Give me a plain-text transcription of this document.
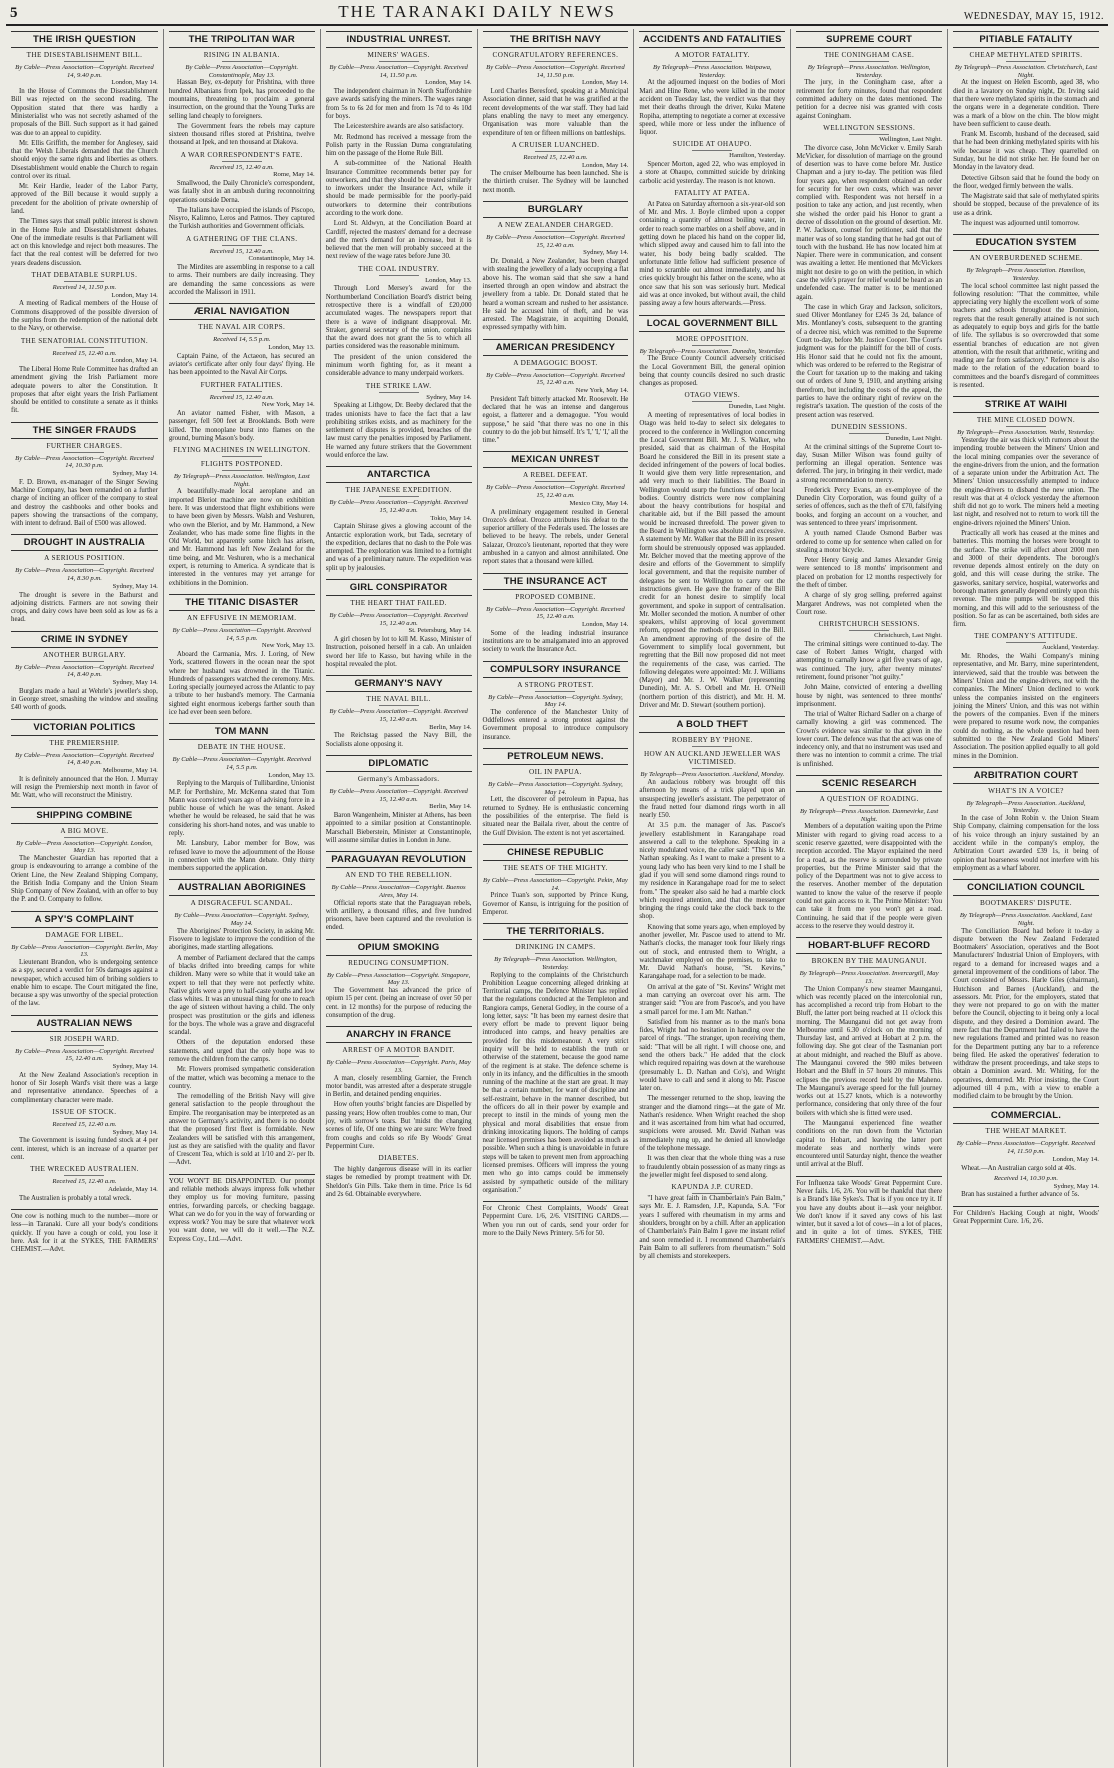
5	THE TARANAKI DAILY NEWS	WEDNESDAY, MAY 15, 1912.
THE IRISH QUESTION
THE DISESTABLISHMENT BILL.
By Cable—Press Association—Copyright. Received 14, 9.40 p.m.
London, May 14.
In the House of Commons the Disestablishment Bill was rejected on the second reading. The Opposition stated that there was hardly a Ministerialist who was not secretly ashamed of the proposals of the Bill. Such support as it had gained was due to an appeal to cupidity.
Mr. Ellis Griffith, the member for Anglesey, said that the Welsh Liberals demanded that the Church should enjoy the same rights and liberties as others. Disestablishment would enable the Church to regain control over its ritual.
Mr. Keir Hardie, leader of the Labor Party, approved of the Bill because it would supply a precedent for the abolition of private ownership of land.
The Times says that small public interest is shown in the Home Rule and Disestablishment debates. One of the immediate results is that Parliament will act on this knowledge and reject both measures. The fact that the real contest will be deferred for two years deadens discussion.
THAT DEBATABLE SURPLUS.
Received 14, 11.50 p.m.
London, May 14.
A meeting of Radical members of the House of Commons disapproved of the possible diversion of the surplus from the redemption of the national debt to the Navy, or otherwise.
THE SENATORIAL CONSTITUTION.
Received 15, 12.40 a.m.
London, May 14.
The Liberal Home Rule Committee has drafted an amendment giving the Irish Parliament more adequate powers to alter the Constitution. It proposes that after eight years the Irish Parliament should be entitled to constitute a senate as it thinks fit.
THE SINGER FRAUDS
FURTHER CHARGES.
By Cable—Press Association—Copyright. Received 14, 10.30 p.m.
Sydney, May 14.
F. D. Brown, ex-manager of the Singer Sewing Machine Company, has been remanded on a further charge of inciting an officer of the company to steal and destroy the cashbooks and other books and papers showing the transactions of the company, with intent to defraud. Bail of £500 was allowed.
DROUGHT IN AUSTRALIA
A SERIOUS POSITION.
By Cable—Press Association—Copyright. Received 14, 8.30 p.m.
Sydney, May 14.
The drought is severe in the Bathurst and adjoining districts. Farmers are not sowing their crops, and dairy cows have been sold as low as 6s a head.
CRIME IN SYDNEY
ANOTHER BURGLARY.
By Cable—Press Association—Copyright. Received 14, 8.40 p.m.
Sydney, May 14.
Burglars made a haul at Wehrle's jeweller's shop, in George street, smashing the window and stealing £40 worth of goods.
VICTORIAN POLITICS
THE PREMIERSHIP.
By Cable—Press Association—Copyright. Received 14, 8.40 p.m.
Melbourne, May 14.
It is definitely announced that the Hon. J. Murray will resign the Premiership next month in favor of Mr. Watt, who will reconstruct the Ministry.
SHIPPING COMBINE
A BIG MOVE.
By Cable—Press Association—Copyright. London, May 13.
The Manchester Guardian has reported that a group is endeavouring to arrange a combine of the Orient Line, the New Zealand Shipping Company, the British India Company and the Union Steam Ship Company of New Zealand, with an offer to buy the P. and O. Company to follow.
A SPY'S COMPLAINT
DAMAGE FOR LIBEL.
By Cable—Press Association—Copyright. Berlin, May 13.
Lieutenant Brandon, who is undergoing sentence as a spy, secured a verdict for 50s damages against a newspaper, which accused him of bribing soldiers to enable him to escape. The Court mitigated the fine, because a spy was unworthy of the special protection of the law.
AUSTRALIAN NEWS
SIR JOSEPH WARD.
By Cable—Press Association—Copyright. Received 15, 12.40 a.m.
Sydney, May 14.
At the New Zealand Association's reception in honor of Sir Joseph Ward's visit there was a large and representative attendance. Speeches of a complimentary character were made.
ISSUE OF STOCK.
Received 15, 12.40 a.m.
Sydney, May 14.
The Government is issuing funded stock at 4 per cent. interest, which is an increase of a quarter per cent.
THE WRECKED AUSTRALIEN.
Received 15, 12.40 a.m.
Adelaide, May 14.
The Australien is probably a total wreck.
One cow is nothing much to the number—more or less—in Taranaki. Cure all your body's conditions quickly. If you have a cough or cold, you lose it here. Ask for it at the SYKES, THE FARMERS' CHEMIST.—Advt.
THE TRIPOLITAN WAR
RISING IN ALBANIA.
By Cable—Press Association—Copyright. Constantinople, May 13.
Hassan Bey, ex-deputy for Prishtina, with three hundred Albanians from Ipek, has proceeded to the mountains, threatening to proclaim a general insurrection, on the ground that the Young Turks are selling land cheaply to foreigners.
The Government fears the rebels may capture sixteen thousand rifles stored at Prishtina, twelve thousand at Ipek, and ten thousand at Diakova.
A WAR CORRESPONDENT'S FATE.
Received 15, 12.40 a.m.
Rome, May 14.
Smallwood, the Daily Chronicle's correspondent, was fatally shot in an ambush during reconnoitring operations outside Derna.
The Italians have occupied the islands of Piscopo, Nisyro, Kalimno, Leros and Patmos. They captured the Turkish authorities and Government officials.
A GATHERING OF THE CLANS.
Received 15, 12.40 a.m.
Constantinople, May 14.
The Mirdites are assembling in response to a call to arms. Their numbers are daily increasing. They are demanding the same concessions as were accorded the Malissori in 1911.
ÆRIAL NAVIGATION
THE NAVAL AIR CORPS.
Received 14, 5.5 p.m.
London, May 13.
Captain Paine, of the Actaeon, has secured an aviator's certificate after only four days' flying. He has been appointed to the Naval Air Corps.
FURTHER FATALITIES.
Received 15, 12.40 a.m.
New York, May 14.
An aviator named Fisher, with Mason, a passenger, fell 500 feet at Brooklands. Both were killed. The monoplane burst into flames on the ground, burning Mason's body.
FLYING MACHINES IN WELLINGTON.
FLIGHTS POSTPONED.
By Telegraph—Press Association. Wellington, Last Night.
A beautifully-made local aeroplane and an imported Bleriot machine are now on exhibition here. It was understood that flight exhibitions were to have been given by Messrs. Walsh and Veshuren, who own the Bleriot, and by Mr. Hammond, a New Zealander, who has made some fine flights in the Old World, but apparently some hitch has arisen, and Mr. Hammond has left New Zealand for the time being, and Mr. Veshuren, who is a mechanical expert, is returning to America. A syndicate that is interested in the ventures may yet arrange for exhibitions in the Dominion.
THE TITANIC DISASTER
AN EFFUSIVE IN MEMORIAM.
By Cable—Press Association—Copyright. Received 14, 5.5 p.m.
New York, May 13.
Aboard the Carmania, Mrs. J. Loring, of New York, scattered flowers in the ocean near the spot where her husband was drowned in the Titanic. Hundreds of passengers watched the ceremony. Mrs. Loring specially journeyed across the Atlantic to pay a tribute to her husband's memory. The Carmania sighted eight enormous icebergs farther south than ice had ever been seen before.
TOM MANN
DEBATE IN THE HOUSE.
By Cable—Press Association—Copyright. Received 14, 5.5 p.m.
London, May 13.
Replying to the Marquis of Tullibardine, Unionist M.P. for Perthshire, Mr. McKenna stated that Tom Mann was convicted years ago of advising force in a public house of which he was the tenant. Asked whether he would be released, he said that he was considering his short-hand notes, and was unable to reply.
Mr. Lansbury, Labor member for Bow, was refused leave to move the adjournment of the House in connection with the Mann debate. Only thirty members supported the application.
AUSTRALIAN ABORIGINES
A DISGRACEFUL SCANDAL.
By Cable—Press Association—Copyright. Sydney, May 14.
The Aborigines' Protection Society, in asking Mr. Fisovere to legislate to improve the condition of the aborigines, made startling allegations.
A member of Parliament declared that the camps of blacks drifted into breeding camps for white children. Many were so white that it would take an expert to tell that they were not perfectly white. Native girls were a prey to half-caste youths and low class whites. It was an unusual thing for one to reach the age of sixteen without having a child. The only prospect was prostitution or the girls and idleness for the boys. The whole was a grave and disgraceful scandal.
Others of the deputation endorsed these statements, and urged that the only hope was to remove the children from the camps.
Mr. Flowers promised sympathetic consideration of the matter, which was becoming a menace to the country.
The remodelling of the British Navy will give general satisfaction to the people throughout the Empire. The reorganisation may be interpreted as an answer to Germany's activity, and there is no doubt that the proposed first fleet is formidable. New Zealanders will be satisfied with this arrangement, just as they are satisfied with the quality and flavor of Crescent Tea, which is sold at 1/10 and 2/- per lb.—Advt.
YOU WON'T BE DISAPPOINTED. Our prompt and reliable methods always impress folk whether they employ us for moving furniture, passing entries, forwarding parcels, or checking baggage. What can we do for you in the way of forwarding or express work? You may be sure that whatever work you want done, we will do it well.—The N.Z. Express Coy., Ltd.—Advt.
INDUSTRIAL UNREST.
MINERS' WAGES.
By Cable—Press Association—Copyright. Received 14, 11.50 p.m.
London, May 14.
The independent chairman in North Staffordshire gave awards satisfying the miners. The wages range from 5s to 6s 2d for men and from 1s 7d to 4s 10d for boys.
The Leicestershire awards are also satisfactory.
Mr. Redmond has received a message from the Polish party in the Russian Duma congratulating him on the passage of the Home Rule Bill.
A sub-committee of the National Health Insurance Committee recommends better pay for outworkers, and that they should be treated similarly to inworkers under the Insurance Act, while it should be made permissible for the poorly-paid outworkers to determine their contributions according to the work done.
Lord St. Aldwyn, at the Conciliation Board at Cardiff, rejected the masters' demand for a decrease and the men's demand for an increase, but it is believed that the men will probably succeed at the next review of the wage rates before June 30.
THE COAL INDUSTRY.
London, May 13.
Through Lord Mersey's award for the Northumberland Conciliation Board's district being retrospective there is a windfall of £20,000 accumulated wages. The newspapers report that there is a wave of indignant disapproval. Mr. Straker, general secretary of the union, complains that the award does not grant the 5s to which all parties considered was the reasonable minimum.
The president of the union considered the minimum worth fighting for, as it meant a considerable advance to many underpaid workers.
THE STRIKE LAW.
Sydney, May 14.
Speaking at Lithgow, Dr. Beeby declared that the trades unionists have to face the fact that a law prohibiting strikes exists, and as machinery for the settlement of disputes is provided, breaches of the law must carry the penalties imposed by Parliament. He warned any future strikers that the Government would enforce the law.
ANTARCTICA
THE JAPANESE EXPEDITION.
By Cable—Press Association—Copyright. Received 15, 12.40 a.m.
Tokio, May 14.
Captain Shirase gives a glowing account of the Antarctic exploration work, but Tada, secretary of the expedition, declares that no dash to the Pole was attempted. The exploration was limited to a fortnight and was of a preliminary nature. The expedition was split up by jealousies.
GIRL CONSPIRATOR
THE HEART THAT FAILED.
By Cable—Press Association—Copyright. Received 15, 12.40 a.m.
St. Petersburg, May 14.
A girl chosen by lot to kill M. Kasso, Minister of Instruction, poisoned herself in a cab. An unlaiden sword her life to Kasso, but having while in the hospital revealed the plot.
GERMANY'S NAVY
THE NAVAL BILL.
By Cable—Press Association—Copyright. Received 15, 12.40 a.m.
Berlin, May 14.
The Reichstag passed the Navy Bill, the Socialists alone opposing it.
DIPLOMATIC
Germany's Ambassadors.
By Cable—Press Association—Copyright. Received 15, 12.40 a.m.
Berlin, May 14.
Baron Wangenheim, Minister at Athens, has been appointed to a similar position at Constantinople. Marschall Bieberstein, Minister at Constantinople, will assume similar duties in London in June.
PARAGUAYAN REVOLUTION
AN END TO THE REBELLION.
By Cable—Press Association—Copyright. Buenos Aires, May 14.
Official reports state that the Paraguayan rebels, with artillery, a thousand rifles, and five hundred prisoners, have been captured and the revolution is ended.
OPIUM SMOKING
REDUCING CONSUMPTION.
By Cable—Press Association—Copyright. Singapore, May 13.
The Government has advanced the price of opium 15 per cent. (being an increase of over 50 per cent. in 12 months) for the purpose of reducing the consumption of the drug.
ANARCHY IN FRANCE
ARREST OF A MOTOR BANDIT.
By Cable—Press Association—Copyright. Paris, May 13.
A man, closely resembling Garnier, the French motor bandit, was arrested after a desperate struggle in Berlin, and detained pending enquiries.
How often youths' bright fancies are Dispelled by passing years; How often troubles come to man, Our joy, with sorrow's tears. But 'midst the changing scenes of life, Of one thing we are sure: We're freed from coughs and colds so rife By Woods' Great Peppermint Cure.
DIABETES.
The highly dangerous disease will in its earlier stages be remedied by prompt treatment with Dr. Sheldon's Gin Pills. Take them in time. Price 1s 6d and 2s 6d. Obtainable everywhere.
THE BRITISH NAVY
CONGRATULATORY REFERENCES.
By Cable—Press Association—Copyright. Received 14, 11.50 p.m.
London, May 14.
Lord Charles Beresford, speaking at a Municipal Association dinner, said that he was gratified at the recent developments of the war staff. They had laid plans enabling the navy to meet any emergency. Organisation was more valuable than the expenditure of ten or fifteen millions on battleships.
A CRUISER LUANCHED.
Received 15, 12.40 a.m.
London, May 14.
The cruiser Melbourne has been launched. She is the thirtieth cruiser. The Sydney will be launched next month.
BURGLARY
A NEW ZEALANDER CHARGED.
By Cable—Press Association—Copyright. Received 15, 12.40 a.m.
Sydney, May 14.
Dr. Donald, a New Zealander, has been charged with stealing the jewellery of a lady occupying a flat above his. The woman said that she saw a hand inserted through an open window and abstract the jewellery from a table. Dr. Donald stated that he heard a woman scream and rushed to her assistance. He said he accused him of theft, and he was arrested. The Magistrate, in acquitting Donald, expressed sympathy with him.
AMERICAN PRESIDENCY
A DEMAGOGIC BOOST.
By Cable—Press Association—Copyright. Received 15, 12.40 a.m.
New York, May 14.
President Taft bitterly attacked Mr. Roosevelt. He declared that he was an intense and dangerous egoist, a flatterer and a demagogue. "You would suppose," he said "that there was no one in this country to do the job but himself. It's 'I,' 'I,' 'I,' all the time."
MEXICAN UNREST
A REBEL DEFEAT.
By Cable—Press Association—Copyright. Received 15, 12.40 a.m.
Mexico City, May 14.
A preliminary engagement resulted in General Orozco's defeat. Orozco attributes his defeat to the superior artillery of the Federals used. The losses are believed to be heavy. The rebels, under General Salazar, Orozco's lieutenant, reported that they were ambushed in a canyon and almost annihilated. One report states that a thousand were killed.
THE INSURANCE ACT
PROPOSED COMBINE.
By Cable—Press Association—Copyright. Received 15, 12.40 a.m.
London, May 14.
Some of the leading industrial insurance institutions are to be amalgamated into an approved society to work the Insurance Act.
COMPULSORY INSURANCE
A STRONG PROTEST.
By Cable—Press Association—Copyright. Sydney, May 14.
The conference of the Manchester Unity of Oddfellows entered a strong protest against the Government proposal to introduce compulsory insurance.
PETROLEUM NEWS.
OIL IN PAPUA.
By Cable—Press Association—Copyright. Sydney, May 14.
Lett, the discoverer of petroleum in Papua, has returned to Sydney. He is enthusiastic concerning the possibilities of the enterprise. The field is situated near the Bailala river, about the centre of the Gulf Division. The extent is not yet ascertained.
CHINESE REPUBLIC
THE SEATS OF THE MIGHTY.
By Cable—Press Association—Copyright. Pekin, May 14.
Prince Tuan's son, supported by Prince Kung, Governor of Kansu, is intriguing for the position of Emperor.
THE TERRITORIALS.
DRINKING IN CAMPS.
By Telegraph—Press Association. Wellington, Yesterday.
Replying to the complaints of the Christchurch Prohibition League concerning alleged drinking at Territorial camps, the Defence Minister has replied that the regulations conducted at the Templeton and Rangiora camps, General Godley, in the course of a long letter, says: "It has been my earnest desire that every effort be made to prevent liquor being introduced into camps, and heavy penalties are provided for this misdemeanour. A very strict inquiry will be held to establish the truth or otherwise of the statement, because the good name of the regiment is at stake. The defence scheme is only in its infancy, and the difficulties in the smooth running of the machine at the start are great. It may be that a certain number, for want of discipline and self-restraint, behave in the manner described, but the officers do all in their power by example and precept to instil in the minds of young men the physical and moral disabilities that ensue from drinking intoxicating liquors. The holding of camps near licensed premises has been avoided as much as possible. When such a thing is unavoidable in future steps will be taken to prevent men from approaching licensed premises. Officers will impress the young men who go into camps could be immensely assisted by sympathetic outside of the military organisation."
For Chronic Chest Complaints, Woods' Great Peppermint Cure. 1/6, 2/6. VISITING CARDS.—When you run out of cards, send your order for more to the Daily News Printery. 5/6 for 50.
ACCIDENTS AND FATALITIES
A MOTOR FATALITY.
By Telegraph—Press Association. Waipawa, Yesterday.
At the adjourned inquest on the bodies of Mori Mari and Hine Rene, who were killed in the motor accident on Tuesday last, the verdict was that they met their deaths through the driver, Kuku Matene Ropiha, attempting to negotiate a corner at excessive speed, while more or less under the influence of liquor.
SUICIDE AT OHAUPO.
Hamilton, Yesterday.
Spencer Morton, aged 22, who was employed in a store at Ohaupo, committed suicide by drinking carbolic acid yesterday. The reason is not known.
FATALITY AT PATEA.
At Patea on Saturday afternoon a six-year-old son of Mr. and Mrs. J. Boyle climbed upon a copper containing a quantity of almost boiling water, in order to reach some marbles on a shelf above, and in getting down he placed his hand on the copper lid, which slipped away and caused him to fall into the water, his body being badly scalded. The unfortunate little fellow had sufficient presence of mind to scramble out almost immediately, and his cries quickly brought his father on the scene, who at once saw that his son was seriously hurt. Medical aid was at once invoked, but without avail, the child passing away a few hours afterwards.—Press.
LOCAL GOVERNMENT BILL
MORE OPPOSITION.
By Telegraph—Press Association. Dunedin, Yesterday.
The Bruce County Council adversely criticised the Local Government Bill, the general opinion being that county councils desired no such drastic changes as proposed.
OTAGO VIEWS.
Dunedin, Last Night.
A meeting of representatives of local bodies in Otago was held to-day to select six delegates to proceed to the conference in Wellington concerning the Local Government Bill. Mr. J. S. Walker, who presided, said that as chairman of the Hospital Board he considered the Bill in its present state a decided infringement of the powers of local bodies. It would give them very little representation, and add very much to their liabilities. The Board in Wellington would usurp the functions of other local bodies. Country districts were now complaining about the heavy contributions for hospital and charitable aid, but if the Bill passed the amount would be increased threefold. The power given to the Board in Wellington was absolute and excessive. A statement by Mr. Walker that the Bill in its present form should be strenuously opposed was applauded. Mr. Belcher moved that the meeting approve of the desire and efforts of the Government to simplify local government, and that the requisite number of delegates be sent to Wellington to carry out the instructions given. He gave the framer of the Bill credit for an honest desire to simplify local government, and spoke in support of centralisation. Mr. Moller seconded the motion. A number of other speakers, whilst approving of local government reform, opposed the methods proposed in the Bill. An amendment approving of the desire of the Government to simplify local government, but regretting that the Bill now proposed did not meet the requirements of the case, was carried. The following delegates were appointed: Mr. J. Williams (Mayor) and Mr. J. W. Walker (representing Dunedin), Mr. A. S. Orbell and Mr. H. O'Neill (northern portion of this district), and Mr. H. M. Driver and Mr. D. Stewart (southern portion).
A BOLD THEFT
ROBBERY BY 'PHONE.
HOW AN AUCKLAND JEWELLER WAS VICTIMISED.
By Telegraph—Press Association. Auckland, Monday.
An audacious robbery was brought off this afternoon by means of a trick played upon an unsuspecting jeweller's assistant. The perpetrator of the fraud netted four diamond rings worth in all nearly £50.
At 3.5 p.m. the manager of Jas. Pascoe's jewellery establishment in Karangahape road answered a call to the telephone. Speaking in a nicely modulated voice, the caller said: "This is Mr. Nathan speaking. As I want to make a present to a young lady who has been very kind to me I shall be glad if you will send some diamond rings round to my residence in Karangahape road for me to select from." The speaker also said he had a marble clock which required attention, and that the messenger bringing the rings could take the clock back to the shop.
Knowing that some years ago, when employed by another jeweller, Mr. Pascoe used to attend to Mr. Nathan's clocks, the manager took four likely rings out of stock, and entrusted them to Wright, a watchmaker employed on the premises, to take to Mr. David Nathan's house, "St. Kevins," Karangahape road, for a selection to be made.
On arrival at the gate of "St. Kevins" Wright met a man carrying an overcoat over his arm. The stranger said: "You are from Pascoe's, and you have a small parcel for me. I am Mr. Nathan."
Satisfied from his manner as to the man's bona fides, Wright had no hesitation in handing over the parcel of rings. "The stranger, upon receiving them, said: "That will be all right. I will choose one, and send the others back." He added that the clock which required repairing was down at the warehouse (presumably L. D. Nathan and Co's), and Wright would have to call and send it along to Mr. Pascoe later on.
The messenger returned to the shop, leaving the stranger and the diamond rings—at the gate of Mr. Nathan's residence. When Wright reached the shop and it was ascertained from him what had occurred, suspicions were aroused. Mr. David Nathan was immediately rung up, and he denied all knowledge of the telephone message.
It was then clear that the whole thing was a ruse to fraudulently obtain possession of as many rings as the jeweller might feel disposed to send along.
KAPUNDA J.P. CURED.
"I have great faith in Chamberlain's Pain Balm," says Mr. E. J. Ramsden, J.P., Kapunda, S.A. "For years I suffered with rheumatism in my arms and shoulders, brought on by a chill. After an application of Chamberlain's Pain Balm I gave me instant relief and soon remedied it. I recommend Chamberlain's Pain Balm to all sufferers from rheumatism." Sold by all chemists and storekeepers.
SUPREME COURT
THE CONINGHAM CASE.
By Telegraph—Press Association. Wellington, Yesterday.
The jury, in the Coningham case, after a retirement for forty minutes, found that respondent committed adultery on the dates mentioned. The petition for a decree nisi was granted with costs against Coningham.
WELLINGTON SESSIONS.
Wellington, Last Night.
The divorce case, John McVicker v. Emily Sarah McVicker, for dissolution of marriage on the ground of desertion was to have come before Mr. Justice Chapman and a jury to-day. The petition was filed four years ago, when respondent obtained an order for security for her own costs, which was never complied with. Respondent was not herself in a position to take any action, and just recently, when she wished the order paid his Honor to grant a decree of dissolution on the ground of desertion. Mr. P. W. Jackson, counsel for petitioner, said that the matter was of so long standing that he had got out of touch with the husband. He has now located him at Napier. There were in communication, and consent was awaiting a letter. He mentioned that McVickers might not desire to go on with the petition, in which case the wife's prayer for relief would be heard as an undefended case. The matter is to be mentioned again.
The case in which Gray and Jackson, solicitors, sued Oliver Montlaney for £245 3s 2d, balance of Mrs. Montlaney's costs, subsequent to the granting of a decree nisi, which was remitted to the Supreme Court to-day, before Mr. Justice Cooper. The Court's judgment was for the plaintiff for the bill of costs. His Honor said that he could not fix the amount, which was ordered to be referred to the Registrar of the Court for taxation up to the making and taking out of orders of June 9, 1910, and anything arising therefrom, but including the costs of the appeal, the parties to have the ordinary right of review on the registrar's taxation. The question of the costs of the present action was reserved.
DUNEDIN SESSIONS.
Dunedin, Last Night.
At the criminal sittings of the Supreme Court to-day, Susan Miller Wilson was found guilty of performing an illegal operation. Sentence was deferred. The jury, in bringing in their verdict, made a strong recommendation to mercy.
Frederick Percy Evans, an ex-employee of the Dunedin City Corporation, was found guilty of a series of offences, such as the theft of £70, falsifying books, and forging an account on a voucher, and was sentenced to three years' imprisonment.
A youth named Claude Osmond Barber was ordered to come up for sentence when called on for stealing a motor bicycle.
Peter Henry Greig and James Alexander Greig were sentenced to 18 months' imprisonment and placed on probation for 12 months respectively for the theft of timber.
A charge of sly grog selling, preferred against Margaret Andrews, was not completed when the Court rose.
CHRISTCHURCH SESSIONS.
Christchurch, Last Night.
The criminal sittings were continued to-day. The case of Robert James Wright, charged with attempting to carnally know a girl five years of age, was continued. The jury, after twenty minutes' retirement, found prisoner "not guilty."
John Maine, convicted of entering a dwelling house by night, was sentenced to three months' imprisonment.
The trial of Walter Richard Sadler on a charge of carnally knowing a girl was commenced. The Crown's evidence was similar to that given in the lower court. The defence was that the act was one of indecency only, and that no instrument was used and there was no intention to commit a crime. The trial is unfinished.
SCENIC RESEARCH
A QUESTION OF ROADING.
By Telegraph—Press Association. Dannevirke, Last Night.
Members of a deputation waiting upon the Prime Minister with regard to giving road access to a scenic reserve gazetted, were disappointed with the reception accorded. The Mayor explained the need for a road, as the reserve is surrounded by private properties, but the Prime Minister said that the policy of the Department was not to give access to the reserves. Another member of the deputation wanted to know the value of the reserve if people could not gain access to it. The Prime Minister: You can take it from me you won't get a road. Continuing, he said that if the people were given access to the reserve they would destroy it.
HOBART-BLUFF RECORD
BROKEN BY THE MAUNGANUI.
By Telegraph—Press Association. Invercargill, May 13.
The Union Company's new steamer Maunganui, which was recently placed on the intercolonial run, has accomplished a record trip from Hobart to the Bluff, the latter port being reached at 11 o'clock this morning. The Maunganui did not get away from Melbourne until 6.30 o'clock on the morning of Thursday last, and arrived at Hobart at 2 p.m. the following day. She got clear of the Tasmanian port at about midnight, and reached the Bluff as above. The Maunganui covered the 980 miles between Hobart and the Bluff in 57 hours 20 minutes. This eclipses the previous record held by the Maheno. The Maunganui's average speed for the full journey works out at 15.27 knots, which is a noteworthy performance, considering that only three of the four boilers with which she is fitted were used.
The Maunganui experienced fine weather conditions on the run down from the Victorian capital to Hobart, and leaving the latter port moderate seas and northerly winds were encountered until Saturday night, thence the weather until arrival at the Bluff.
For Influenza take Woods' Great Peppermint Cure. Never fails. 1/6, 2/6. You will be thankful that there is a Brand's like Sykes's. That is if you once try it. If you have any doubts about it—ask your neighbor. We don't know if it saved any cows of his last winter, but it saved a lot of cows—in a lot of places, and in quite a lot of times. SYKES, THE FARMERS' CHEMIST.—Advt.
PITIABLE FATALITY
CHEAP METHYLATED SPIRITS.
By Telegraph—Press Association. Christchurch, Last Night.
At the inquest on Helen Escomb, aged 38, who died in a lavatory on Sunday night, Dr. Irving said that there were methylated spirits in the stomach and the organs were in a degenerate condition. There was a mark of a blow on the chin. The blow might have been sufficient to cause death.
Frank M. Escomb, husband of the deceased, said that he had been drinking methylated spirits with his wife because it was cheap. They quarrelled on Sunday, but he did not strike her. He found her on Monday in the lavatory dead.
Detective Gibson said that he found the body on the floor, wedged firmly between the walls.
The Magistrate said that sale of methylated spirits should be stopped, because of the prevalence of its use as a drink.
The inquest was adjourned until tomorrow.
EDUCATION SYSTEM
AN OVERBURDENED SCHEME.
By Telegraph—Press Association. Hamilton, Yesterday.
The local school committee last night passed the following resolution: "That the committee, while appreciating very highly the excellent work of some teachers and schools throughout the Dominion, regrets that the result generally attained is not such as adequately to equip boys and girls for the battle of life. The syllabus is so overcrowded that some essential branches of education are not given attention, with the result that arithmetic, writing and reading are far from satisfactory." Reference is also made to the relation of the education board to committees and the board's disregard of committees is resented.
STRIKE AT WAIHI
THE MINE CLOSED DOWN.
By Telegraph—Press Association. Waihi, Yesterday.
Yesterday the air was thick with rumors about the impending trouble between the Miners' Union and the local mining companies over the severance of the engine-drivers from the union, and the formation of a separate union under the Arbitration Act. The Miners' Union unsuccessfully attempted to induce the engine-drivers to disband the new union. The result was that at 4 o'clock yesterday the afternoon shift did not go to work. The miners held a meeting last night, and resolved not to return to work till the engine-drivers rejoined the Miners' Union.
Practically all work has ceased at the mines and batteries. This morning the horses were brought to the surface. The strike will affect about 2000 men and 3000 of their dependents. The borough's revenue depends almost entirely on the duty on gold, and this will cease during the strike. The gasworks, sanitary service, hospital, waterworks and borough matters generally depend entirely upon this revenue. The mine pumps will be stopped this morning, and this will add to the seriousness of the position. So far as can be ascertained, both sides are firm.
THE COMPANY'S ATTITUDE.
Auckland, Yesterday.
Mr. Rhodes, the Waihi Company's mining representative, and Mr. Barry, mine superintendent, interviewed, said that the trouble was between the Miners' Union and the engine-drivers, not with the companies. The Miners' Union declined to work unless the companies insisted on the engineers joining the Miners' Union, and this was not within the powers of the companies. Even if the miners were prepared to resume work now, the companies could do nothing, as the whole question had been submitted to the New Zealand Gold Miners' Association. The position applied equally to all gold mines in the Dominion.
ARBITRATION COURT
WHAT'S IN A VOICE?
By Telegraph—Press Association. Auckland, Yesterday.
In the case of John Robin v. the Union Steam Ship Company, claiming compensation for the loss of his voice through an injury sustained by an accident while in the company's employ, the Arbitration Court awarded £39 1s, it being of opinion that hoarseness would not interfere with his employment as a wharf laborer.
CONCILIATION COUNCIL
BOOTMAKERS' DISPUTE.
By Telegraph—Press Association. Auckland, Last Night.
The Conciliation Board had before it to-day a dispute between the New Zealand Federated Bootmakers' Association, operatives and the Boot Manufacturers' Industrial Union of Employers, with regard to a demand for increased wages and a general improvement of the conditions of labor. The Court consisted of Messrs. Harle Giles (chairman), Hutchison and Barnes (Auckland), and the assessors. Mr. Prior, for the employers, stated that they were not prepared to go on with the matter before the Council, objecting to it being only a local dispute, and they desired a Dominion award. The mere fact that the Department had failed to have the new regulations framed and printed was no reason for the Department putting any bar to a reference being filed. He asked the operatives' federation to withdraw the present proceedings, and take steps to obtain a Dominion award. Mr. Whiting, for the operatives, demurred. Mr. Prior insisting, the Court adjourned till 4 p.m., with a view to enable a modified claim to be brought by the Union.
COMMERCIAL.
THE WHEAT MARKET.
By Cable—Press Association—Copyright. Received 14, 11.50 p.m.
London, May 14.
Wheat.—An Australian cargo sold at 40s.
Received 14, 10.30 p.m.
Sydney, May 14.
Bran has sustained a further advance of 5s.
For Children's Hacking Cough at night, Woods' Great Peppermint Cure. 1/6, 2/6.
